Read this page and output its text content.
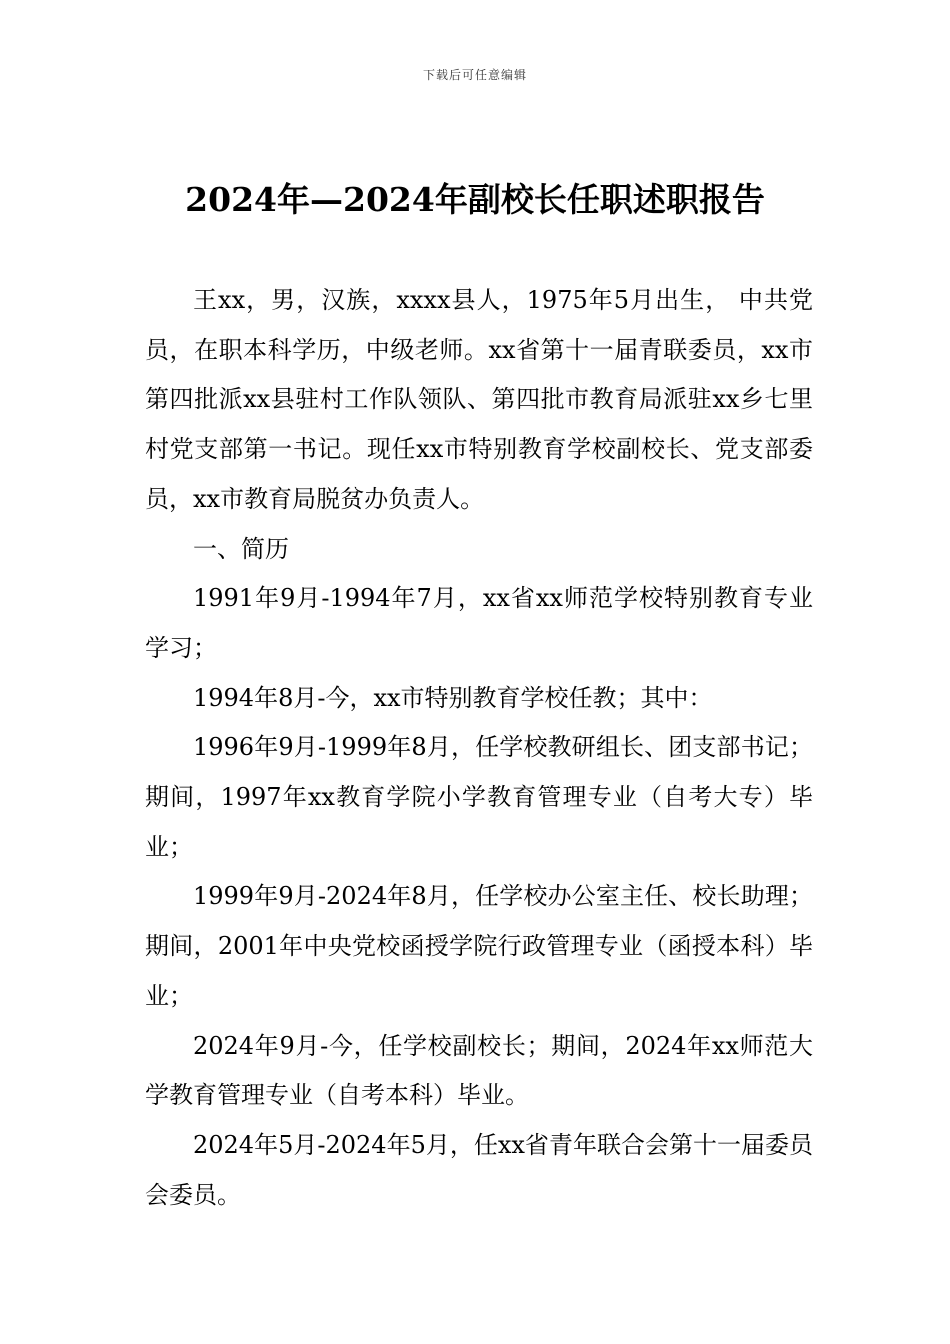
下载后可任意编辑
2024年—2024年副校长任职述职报告

王xx，男，汉族，xxxx县人，1975年5月出生， 中共党员，在职本科学历，中级老师。xx省第十一届青联委员，xx市第四批派xx县驻村工作队领队、第四批市教育局派驻xx乡七里村党支部第一书记。现任xx市特别教育学校副校长、党支部委员，xx市教育局脱贫办负责人。

一、简历

1991年9月-1994年7月，xx省xx师范学校特别教育专业学习；

1994年8月-今，xx市特别教育学校任教；其中：

1996年9月-1999年8月，任学校教研组长、团支部书记；期间，1997年xx教育学院小学教育管理专业（自考大专）毕业；

1999年9月-2024年8月，任学校办公室主任、校长助理；期间，2001年中央党校函授学院行政管理专业（函授本科）毕业；

2024年9月-今，任学校副校长；期间，2024年xx师范大学教育管理专业（自考本科）毕业。

2024年5月-2024年5月，任xx省青年联合会第十一届委员会委员。
